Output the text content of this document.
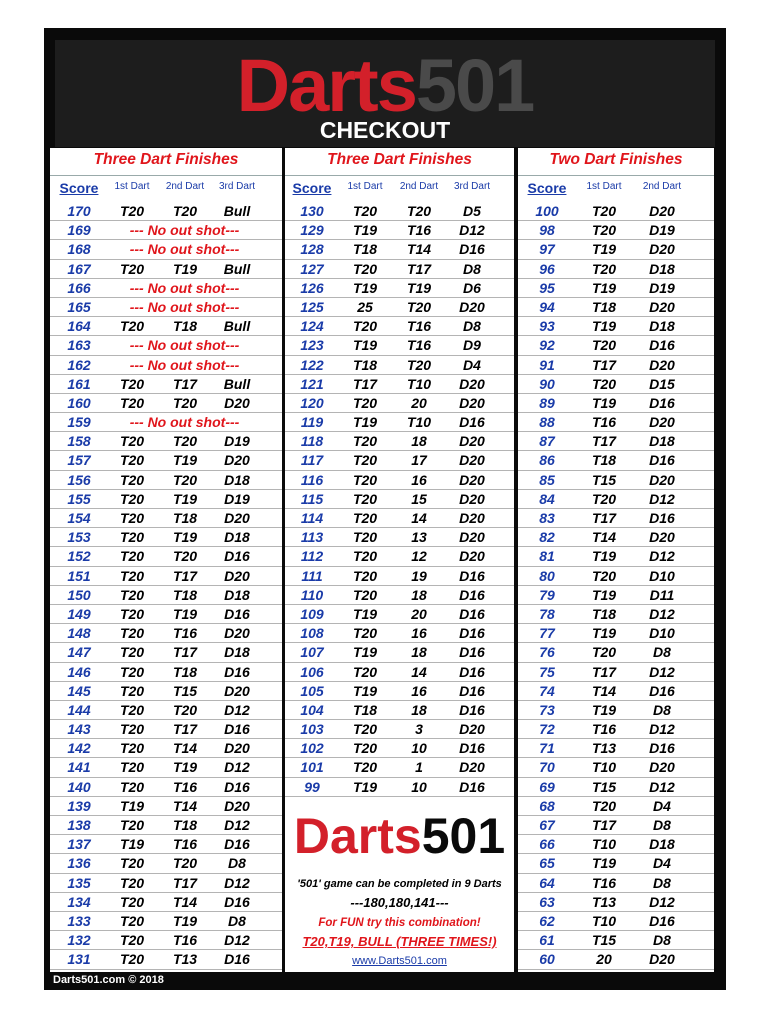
Darts501
CHECKOUT
Three Dart Finishes
Score	1st Dart	2nd Dart	3rd Dart
170	T20	T20	Bull
169	--- No out shot---
168	--- No out shot---
167	T20	T19	Bull
166	--- No out shot---
165	--- No out shot---
164	T20	T18	Bull
163	--- No out shot---
162	--- No out shot---
161	T20	T17	Bull
160	T20	T20	D20
159	--- No out shot---
158	T20	T20	D19
157	T20	T19	D20
156	T20	T20	D18
155	T20	T19	D19
154	T20	T18	D20
153	T20	T19	D18
152	T20	T20	D16
151	T20	T17	D20
150	T20	T18	D18
149	T20	T19	D16
148	T20	T16	D20
147	T20	T17	D18
146	T20	T18	D16
145	T20	T15	D20
144	T20	T20	D12
143	T20	T17	D16
142	T20	T14	D20
141	T20	T19	D12
140	T20	T16	D16
139	T19	T14	D20
138	T20	T18	D12
137	T19	T16	D16
136	T20	T20	D8
135	T20	T17	D12
134	T20	T14	D16
133	T20	T19	D8
132	T20	T16	D12
131	T20	T13	D16
Three Dart Finishes
Score	1st Dart	2nd Dart	3rd Dart
130	T20	T20	D5
129	T19	T16	D12
128	T18	T14	D16
127	T20	T17	D8
126	T19	T19	D6
125	25	T20	D20
124	T20	T16	D8
123	T19	T16	D9
122	T18	T20	D4
121	T17	T10	D20
120	T20	20	D20
119	T19	T10	D16
118	T20	18	D20
117	T20	17	D20
116	T20	16	D20
115	T20	15	D20
114	T20	14	D20
113	T20	13	D20
112	T20	12	D20
111	T20	19	D16
110	T20	18	D16
109	T19	20	D16
108	T20	16	D16
107	T19	18	D16
106	T20	14	D16
105	T19	16	D16
104	T18	18	D16
103	T20	3	D20
102	T20	10	D16
101	T20	1	D20
99	T19	10	D16
Darts501
'501' game can be completed in 9 Darts
---180,180,141---
For FUN try this combination!
T20,T19, BULL (THREE TIMES!)
www.Darts501.com
Two Dart Finishes
Score	1st Dart	2nd Dart
100	T20	D20
98	T20	D19
97	T19	D20
96	T20	D18
95	T19	D19
94	T18	D20
93	T19	D18
92	T20	D16
91	T17	D20
90	T20	D15
89	T19	D16
88	T16	D20
87	T17	D18
86	T18	D16
85	T15	D20
84	T20	D12
83	T17	D16
82	T14	D20
81	T19	D12
80	T20	D10
79	T19	D11
78	T18	D12
77	T19	D10
76	T20	D8
75	T17	D12
74	T14	D16
73	T19	D8
72	T16	D12
71	T13	D16
70	T10	D20
69	T15	D12
68	T20	D4
67	T17	D8
66	T10	D18
65	T19	D4
64	T16	D8
63	T13	D12
62	T10	D16
61	T15	D8
60	20	D20
Darts501.com © 2018
